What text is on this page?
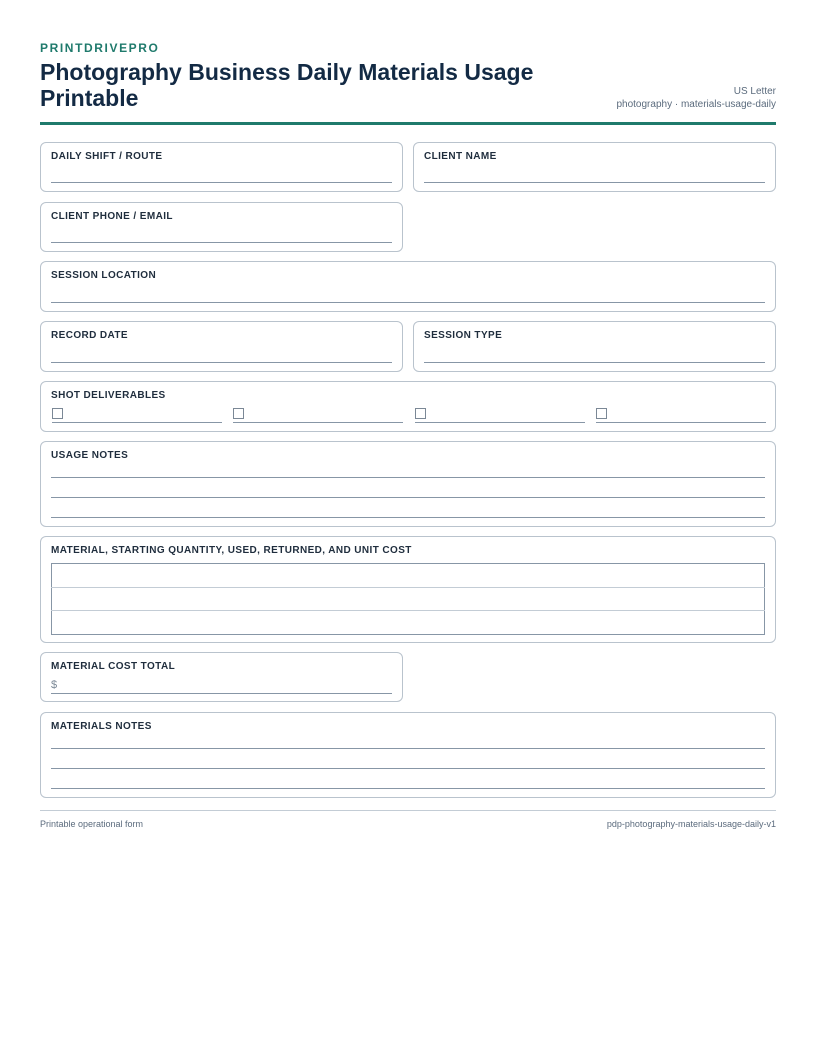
PRINTDRIVEPRO
Photography Business Daily Materials Usage Printable	US Letter
photography · materials-usage-daily
DAILY SHIFT / ROUTE	CLIENT NAME
CLIENT PHONE / EMAIL
SESSION LOCATION
RECORD DATE	SESSION TYPE
SHOT DELIVERABLES
USAGE NOTES
MATERIAL, STARTING QUANTITY, USED, RETURNED, AND UNIT COST

MATERIAL COST TOTAL
$
MATERIALS NOTES
Printable operational form	pdp-photography-materials-usage-daily-v1
